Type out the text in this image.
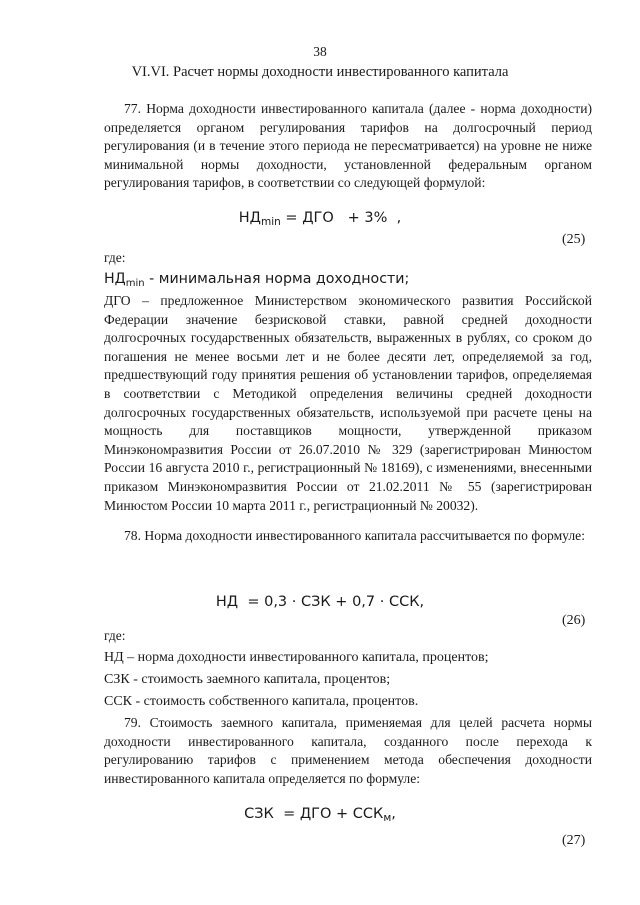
38
VI.VI. Расчет нормы доходности инвестированного капитала
77. Норма доходности инвестированного капитала (далее - норма доходности) определяется органом регулирования тарифов на долгосрочный период регулирования (и в течение этого периода не пересматривается) на уровне не ниже минимальной нормы доходности, установленной федеральным органом регулирования тарифов, в соответствии со следующей формулой:
$НД_{min}$ = ДГО   + 3%  ,
(25)
где:
$НД_{min}$ - минимальная норма доходности;
ДГО – предложенное Министерством экономического развития Российской Федерации значение безрисковой ставки, равной средней доходности долгосрочных государственных обязательств, выраженных в рублях, со сроком до погашения не менее восьми лет и не более десяти лет, определяемой за год, предшествующий году принятия решения об установлении тарифов, определяемая в соответствии с Методикой определения величины средней доходности долгосрочных государственных обязательств, используемой при расчете цены на мощность для поставщиков мощности, утвержденной приказом Минэкономразвития России от 26.07.2010 № 329 (зарегистрирован Минюстом России 16 августа 2010 г., регистрационный № 18169), с изменениями, внесенными приказом Минэкономразвития России от 21.02.2011 № 55 (зарегистрирован Минюстом России 10 марта 2011 г., регистрационный № 20032).
78. Норма доходности инвестированного капитала рассчитывается по формуле:
НД  = 0,3 · СЗК + 0,7 · ССК,
(26)
где:
НД – норма доходности инвестированного капитала, процентов;
СЗК - стоимость заемного капитала, процентов;
ССК - стоимость собственного капитала, процентов.
79. Стоимость заемного капитала, применяемая для целей расчета нормы доходности инвестированного капитала, созданного после перехода к регулированию тарифов с применением метода обеспечения доходности инвестированного капитала определяется по формуле:
СЗК  = ДГО + $ССК_м$,
(27)
